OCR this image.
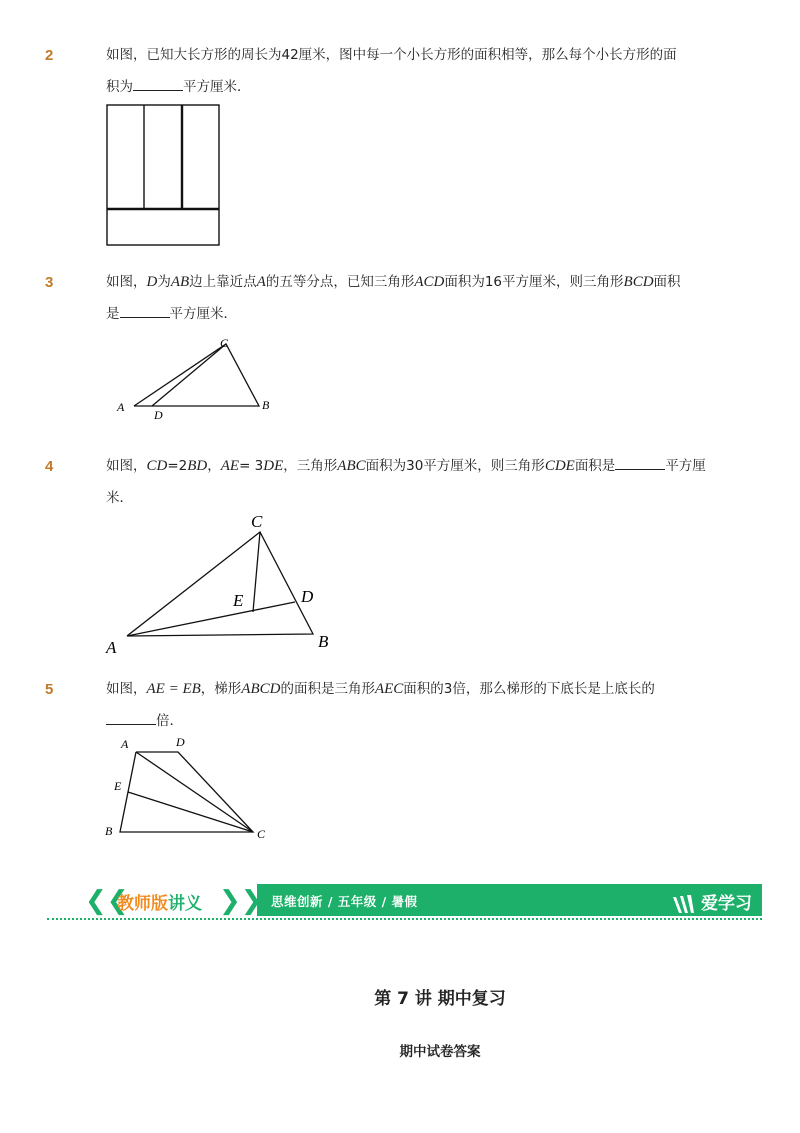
2	如图，已知大长方形的周长为42厘米，图中每一个小长方形的面积相等，那么每个小长方形的面
积为	平方厘米．
3	如图，D为AB边上靠近点A的五等分点，已知三角形ACD面积为16平方厘米，则三角形BCD面积
是	平方厘米．
C
A	B
D
4	如图，CD=2BD，AE= 3DE，三角形ABC面积为30平方厘米，则三角形CDE面积是	平方厘
米．
C
A	B
D
E
5	如图，AE = EB，梯形ABCD的面积是三角形AEC面积的3倍，那么梯形的下底长是上底长的
倍．
A	D
E
B	C
❮❮
教师版讲义 ❯❯ 思维创新 / 五年级 / 暑假	爱学习
第 7 讲 期中复习
期中试卷答案
